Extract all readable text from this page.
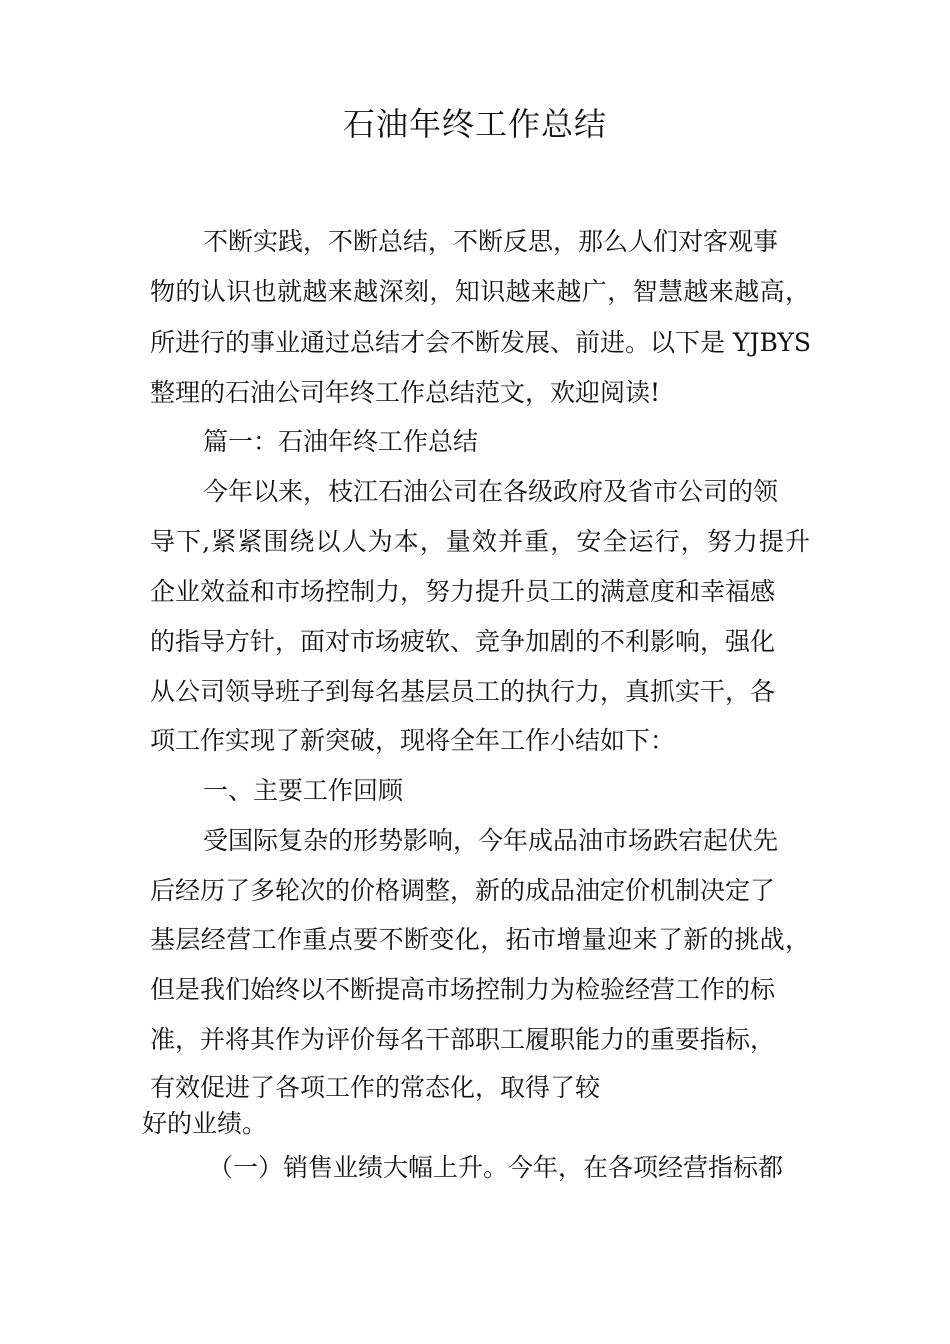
石油年终工作总结

不断实践，不断总结，不断反思，那么人们对客观事

物的认识也就越来越深刻，知识越来越广，智慧越来越高，

所进行的事业通过总结才会不断发展、前进。以下是 YJBYS

整理的石油公司年终工作总结范文，欢迎阅读!

篇一：石油年终工作总结

今年以来，枝江石油公司在各级政府及省市公司的领

导下,紧紧围绕以人为本，量效并重，安全运行，努力提升

企业效益和市场控制力，努力提升员工的满意度和幸福感

的指导方针，面对市场疲软、竞争加剧的不利影响，强化

从公司领导班子到每名基层员工的执行力，真抓实干，各

项工作实现了新突破，现将全年工作小结如下：

一、主要工作回顾

受国际复杂的形势影响，今年成品油市场跌宕起伏先

后经历了多轮次的价格调整，新的成品油定价机制决定了

基层经营工作重点要不断变化，拓市增量迎来了新的挑战，

但是我们始终以不断提高市场控制力为检验经营工作的标

准，并将其作为评价每名干部职工履职能力的重要指标，

有效促进了各项工作的常态化，取得了较

好的业绩。

（一）销售业绩大幅上升。今年，在各项经营指标都
